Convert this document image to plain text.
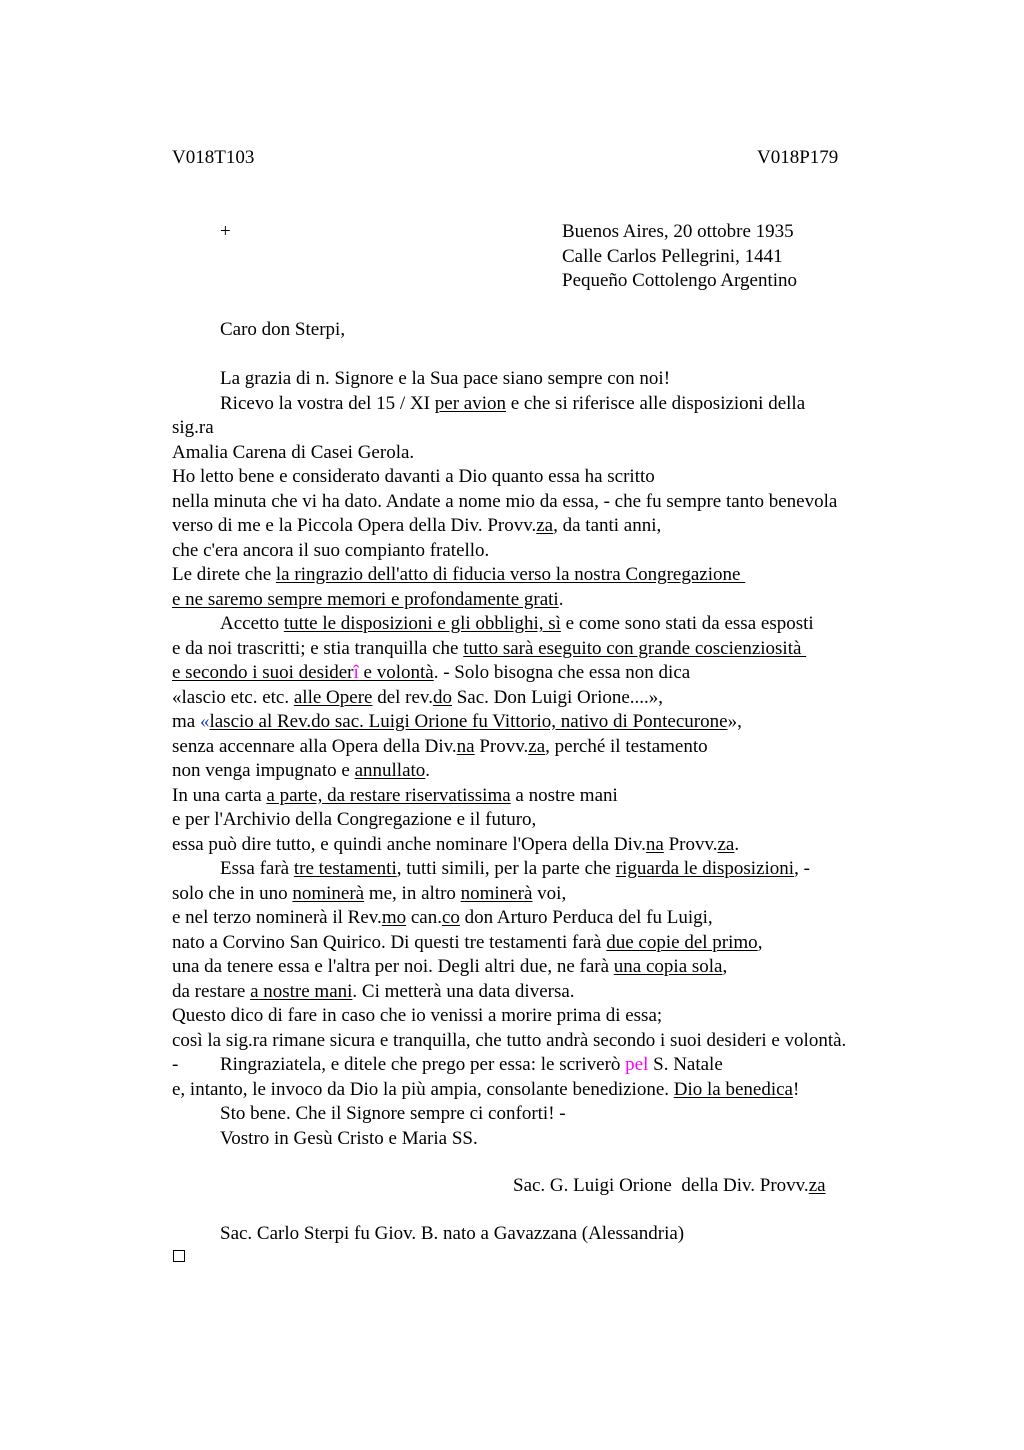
V018T103	V018P179
+	Buenos Aires, 20 ottobre 1935
Calle Carlos Pellegrini, 1441
Pequeño Cottolengo Argentino
Caro don Sterpi,
La grazia di n. Signore e la Sua pace siano sempre con noi!
Ricevo la vostra del 15 / XI per avion e che si riferisce alle disposizioni della
sig.ra
Amalia Carena di Casei Gerola.
Ho letto bene e considerato davanti a Dio quanto essa ha scritto
nella minuta che vi ha dato. Andate a nome mio da essa, - che fu sempre tanto benevola
verso di me e la Piccola Opera della Div. Provv.za, da tanti anni,
che c'era ancora il suo compianto fratello.
Le direte che la ringrazio dell'atto di fiducia verso la nostra Congregazione
e ne saremo sempre memori e profondamente grati.
Accetto tutte le disposizioni e gli obblighi, sì e come sono stati da essa esposti
e da noi trascritti; e stia tranquilla che tutto sarà eseguito con grande coscienziosità
e secondo i suoi desiderî e volontà. - Solo bisogna che essa non dica
«lascio etc. etc. alle Opere del rev.do Sac. Don Luigi Orione....»,
ma «lascio al Rev.do sac. Luigi Orione fu Vittorio, nativo di Pontecurone»,
senza accennare alla Opera della Div.na Provv.za, perché il testamento
non venga impugnato e annullato.
In una carta a parte, da restare riservatissima a nostre mani
e per l'Archivio della Congregazione e il futuro,
essa può dire tutto, e quindi anche nominare l'Opera della Div.na Provv.za.
Essa farà tre testamenti, tutti simili, per la parte che riguarda le disposizioni, -
solo che in uno nominerà me, in altro nominerà voi,
e nel terzo nominerà il Rev.mo can.co don Arturo Perduca del fu Luigi,
nato a Corvino San Quirico. Di questi tre testamenti farà due copie del primo,
una da tenere essa e l'altra per noi. Degli altri due, ne farà una copia sola,
da restare a nostre mani. Ci metterà una data diversa.
Questo dico di fare in caso che io venissi a morire prima di essa;
così la sig.ra rimane sicura e tranquilla, che tutto andrà secondo i suoi desideri e volontà.
- Ringraziatela, e ditele che prego per essa: le scriverò pel S. Natale
e, intanto, le invoco da Dio la più ampia, consolante benedizione. Dio la benedica!
Sto bene. Che il Signore sempre ci conforti! -
Vostro in Gesù Cristo e Maria SS.
Sac. G. Luigi Orione  della Div. Provv.za
Sac. Carlo Sterpi fu Giov. B. nato a Gavazzana (Alessandria)
